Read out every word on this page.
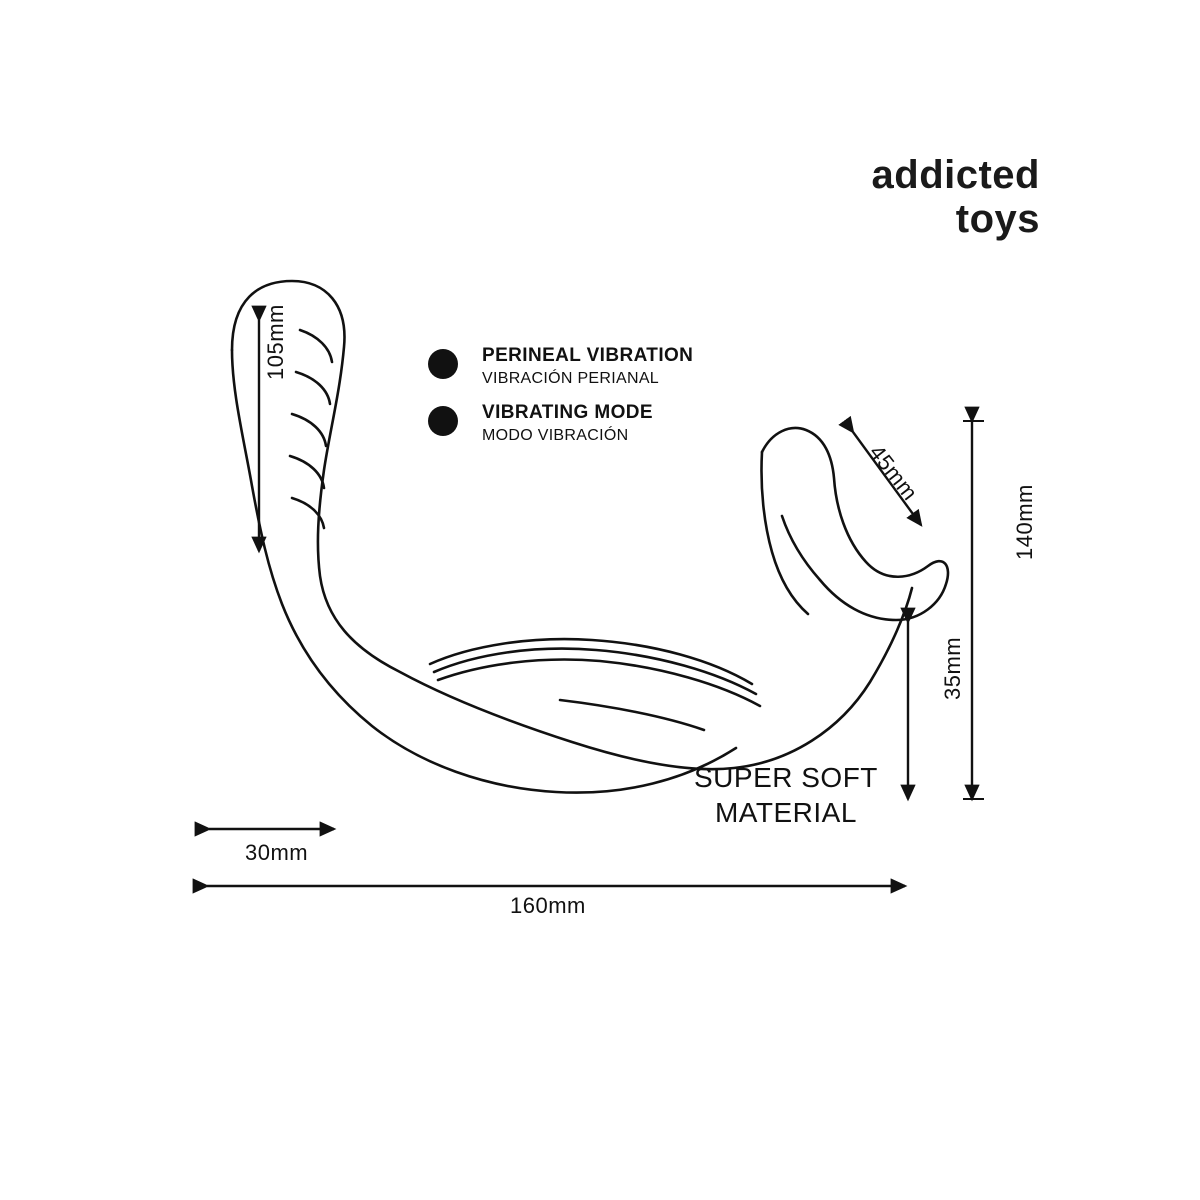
addicted
toys
PERINEAL VIBRATION
VIBRACIÓN PERIANAL
VIBRATING MODE
MODO VIBRACIÓN
105mm
45mm
140mm
35mm
30mm
160mm
SUPER SOFT
MATERIAL
